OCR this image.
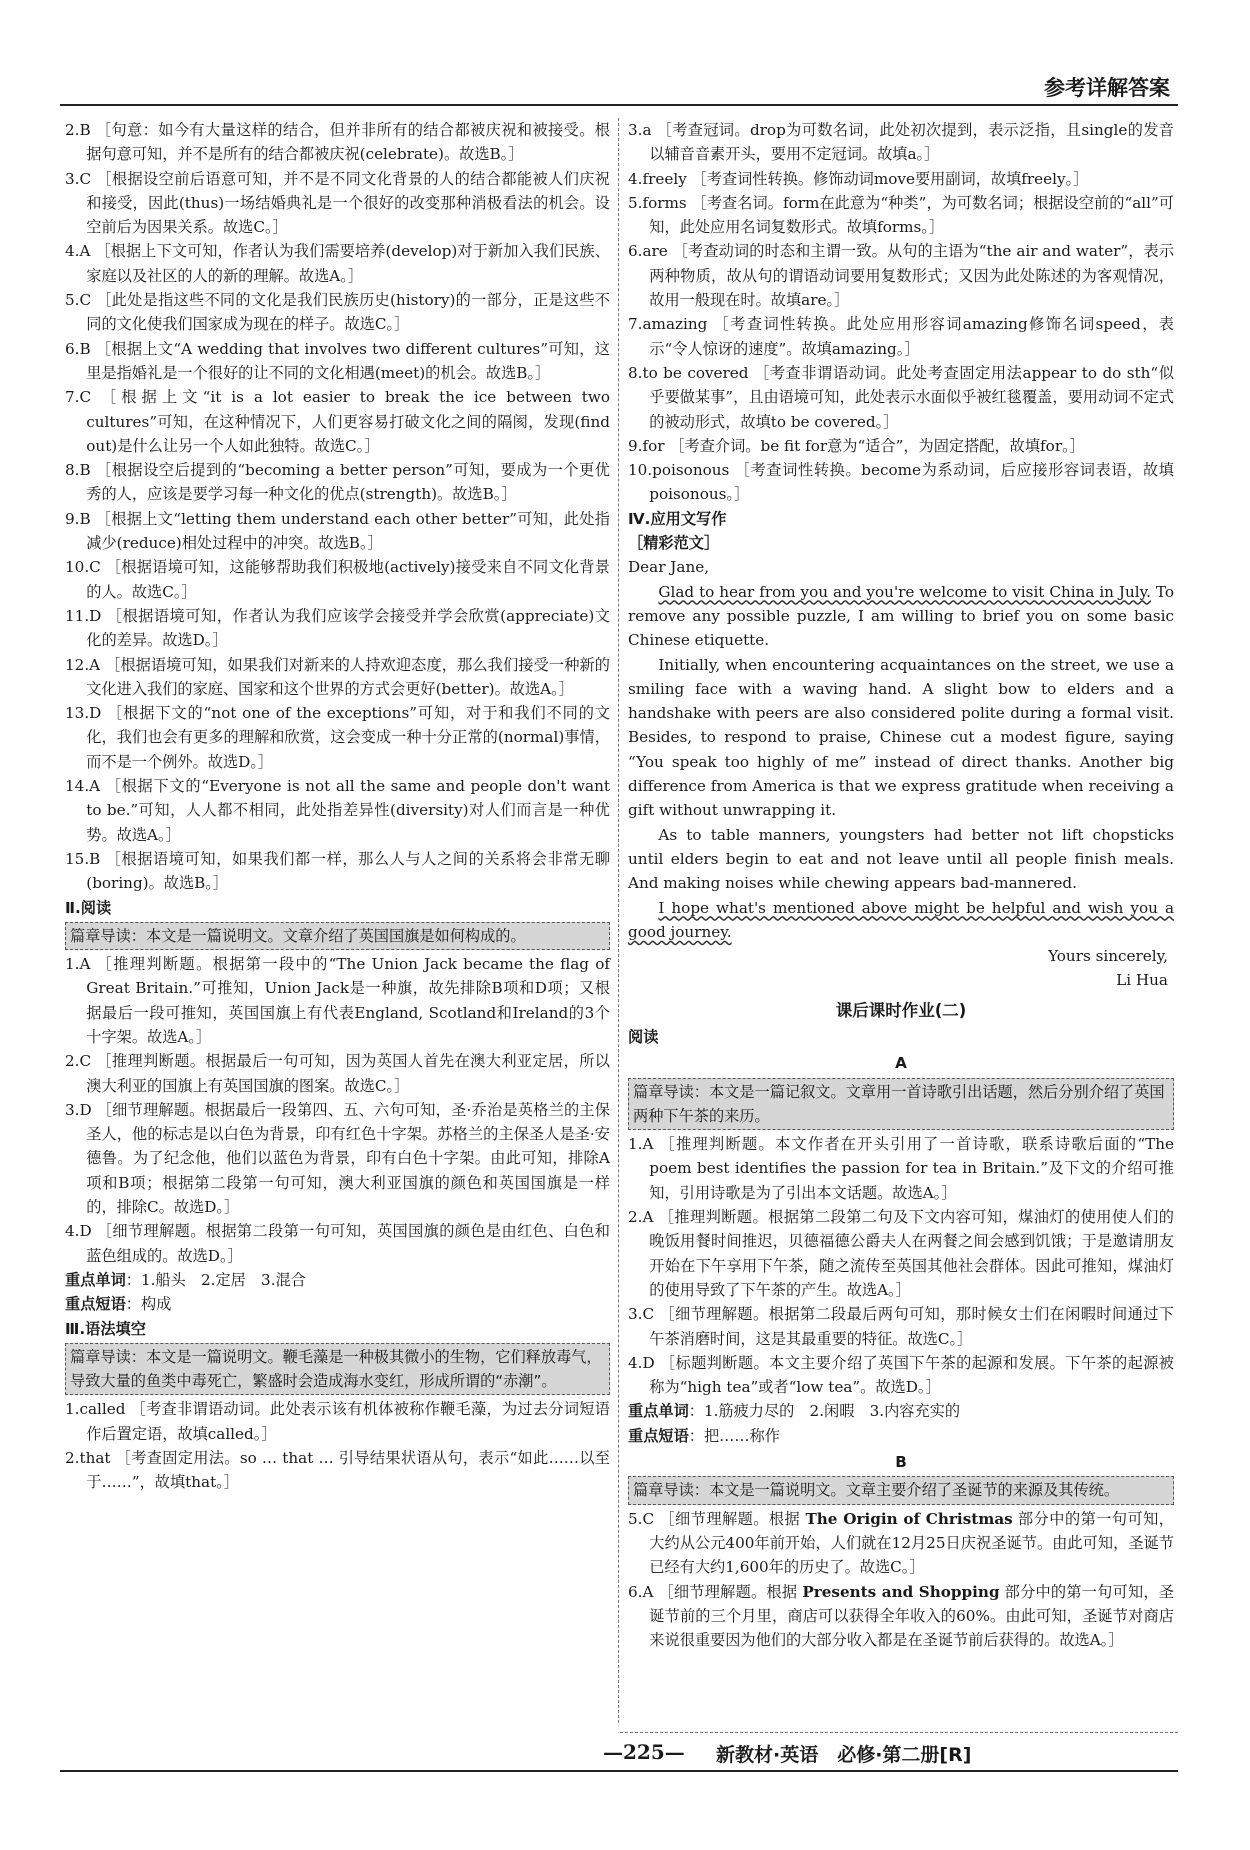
参考详解答案
2.B ［句意：如今有大量这样的结合，但并非所有的结合都被庆祝和被接受。根据句意可知，并不是所有的结合都被庆祝(celebrate)。故选B。］
3.C ［根据设空前后语意可知，并不是不同文化背景的人的结合都能被人们庆祝和接受，因此(thus)一场结婚典礼是一个很好的改变那种消极看法的机会。设空前后为因果关系。故选C。］
4.A ［根据上下文可知，作者认为我们需要培养(develop)对于新加入我们民族、家庭以及社区的人的新的理解。故选A。］
5.C ［此处是指这些不同的文化是我们民族历史(history)的一部分，正是这些不同的文化使我们国家成为现在的样子。故选C。］
6.B ［根据上文“A wedding that involves two different cultures”可知，这里是指婚礼是一个很好的让不同的文化相遇(meet)的机会。故选B。］
7.C ［根据上文“it is a lot easier to break the ice between two cultures”可知，在这种情况下，人们更容易打破文化之间的隔阂，发现(find out)是什么让另一个人如此独特。故选C。］
8.B ［根据设空后提到的“becoming a better person”可知，要成为一个更优秀的人，应该是要学习每一种文化的优点(strength)。故选B。］
9.B ［根据上文“letting them understand each other better”可知，此处指减少(reduce)相处过程中的冲突。故选B。］
10.C ［根据语境可知，这能够帮助我们积极地(actively)接受来自不同文化背景的人。故选C。］
11.D ［根据语境可知，作者认为我们应该学会接受并学会欣赏(appreciate)文化的差异。故选D。］
12.A ［根据语境可知，如果我们对新来的人持欢迎态度，那么我们接受一种新的文化进入我们的家庭、国家和这个世界的方式会更好(better)。故选A。］
13.D ［根据下文的“not one of the exceptions”可知，对于和我们不同的文化，我们也会有更多的理解和欣赏，这会变成一种十分正常的(normal)事情，而不是一个例外。故选D。］
14.A ［根据下文的“Everyone is not all the same and people don't want to be.”可知，人人都不相同，此处指差异性(diversity)对人们而言是一种优势。故选A。］
15.B ［根据语境可知，如果我们都一样，那么人与人之间的关系将会非常无聊(boring)。故选B。］
Ⅱ.阅读
篇章导读：本文是一篇说明文。文章介绍了英国国旗是如何构成的。
1.A ［推理判断题。根据第一段中的“The Union Jack became the flag of Great Britain.”可推知，Union Jack是一种旗，故先排除B项和D项；又根据最后一段可推知，英国国旗上有代表England, Scotland和Ireland的3个十字架。故选A。］
2.C ［推理判断题。根据最后一句可知，因为英国人首先在澳大利亚定居，所以澳大利亚的国旗上有英国国旗的图案。故选C。］
3.D ［细节理解题。根据最后一段第四、五、六句可知，圣·乔治是英格兰的主保圣人，他的标志是以白色为背景，印有红色十字架。苏格兰的主保圣人是圣·安德鲁。为了纪念他，他们以蓝色为背景，印有白色十字架。由此可知，排除A项和B项；根据第二段第一句可知，澳大利亚国旗的颜色和英国国旗是一样的，排除C。故选D。］
4.D ［细节理解题。根据第二段第一句可知，英国国旗的颜色是由红色、白色和蓝色组成的。故选D。］
重点单词：1.船头　2.定居　3.混合
重点短语：构成
Ⅲ.语法填空
篇章导读：本文是一篇说明文。鞭毛藻是一种极其微小的生物，它们释放毒气，导致大量的鱼类中毒死亡，繁盛时会造成海水变红，形成所谓的“赤潮”。
1.called ［考查非谓语动词。此处表示该有机体被称作鞭毛藻，为过去分词短语作后置定语，故填called。］
2.that ［考查固定用法。so … that … 引导结果状语从句，表示“如此……以至于……”，故填that。］
3.a ［考查冠词。drop为可数名词，此处初次提到，表示泛指，且single的发音以辅音音素开头，要用不定冠词。故填a。］
4.freely ［考查词性转换。修饰动词move要用副词，故填freely。］
5.forms ［考查名词。form在此意为“种类”，为可数名词；根据设空前的“all”可知，此处应用名词复数形式。故填forms。］
6.are ［考查动词的时态和主谓一致。从句的主语为“the air and water”，表示两种物质，故从句的谓语动词要用复数形式；又因为此处陈述的为客观情况，故用一般现在时。故填are。］
7.amazing ［考查词性转换。此处应用形容词amazing修饰名词speed，表示“令人惊讶的速度”。故填amazing。］
8.to be covered ［考查非谓语动词。此处考查固定用法appear to do sth“似乎要做某事”，且由语境可知，此处表示水面似乎被红毯覆盖，要用动词不定式的被动形式，故填to be covered。］
9.for ［考查介词。be fit for意为“适合”，为固定搭配，故填for。］
10.poisonous ［考查词性转换。become为系动词，后应接形容词表语，故填poisonous。］
Ⅳ.应用文写作
［精彩范文］
Dear Jane,
Glad to hear from you and you're welcome to visit China in July. To remove any possible puzzle, I am willing to brief you on some basic Chinese etiquette.
Initially, when encountering acquaintances on the street, we use a smiling face with a waving hand. A slight bow to elders and a handshake with peers are also considered polite during a formal visit. Besides, to respond to praise, Chinese cut a modest figure, saying “You speak too highly of me” instead of direct thanks. Another big difference from America is that we express gratitude when receiving a gift without unwrapping it.
As to table manners, youngsters had better not lift chopsticks until elders begin to eat and not leave until all people finish meals. And making noises while chewing appears bad-mannered.
I hope what's mentioned above might be helpful and wish you a good journey.
Yours sincerely,
Li Hua
课后课时作业(二)
阅读
A
篇章导读：本文是一篇记叙文。文章用一首诗歌引出话题，然后分别介绍了英国两种下午茶的来历。
1.A ［推理判断题。本文作者在开头引用了一首诗歌，联系诗歌后面的“The poem best identifies the passion for tea in Britain.”及下文的介绍可推知，引用诗歌是为了引出本文话题。故选A。］
2.A ［推理判断题。根据第二段第二句及下文内容可知，煤油灯的使用使人们的晚饭用餐时间推迟，贝德福德公爵夫人在两餐之间会感到饥饿；于是邀请朋友开始在下午享用下午茶，随之流传至英国其他社会群体。因此可推知，煤油灯的使用导致了下午茶的产生。故选A。］
3.C ［细节理解题。根据第二段最后两句可知，那时候女士们在闲暇时间通过下午茶消磨时间，这是其最重要的特征。故选C。］
4.D ［标题判断题。本文主要介绍了英国下午茶的起源和发展。下午茶的起源被称为“high tea”或者“low tea”。故选D。］
重点单词：1.筋疲力尽的　2.闲暇　3.内容充实的
重点短语：把……称作
B
篇章导读：本文是一篇说明文。文章主要介绍了圣诞节的来源及其传统。
5.C ［细节理解题。根据 The Origin of Christmas 部分中的第一句可知，大约从公元400年前开始，人们就在12月25日庆祝圣诞节。由此可知，圣诞节已经有大约1,600年的历史了。故选C。］
6.A ［细节理解题。根据 Presents and Shopping 部分中的第一句可知，圣诞节前的三个月里，商店可以获得全年收入的60%。由此可知，圣诞节对商店来说很重要因为他们的大部分收入都是在圣诞节前后获得的。故选A。］
—225— 新教材·英语　必修·第二册[R]
